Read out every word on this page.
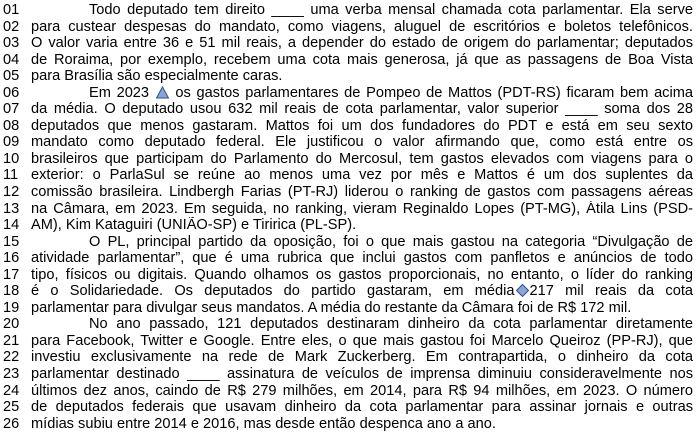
01	Todo deputado tem direito ____ uma verba mensal chamada cota parlamentar. Ela serve
02 para custear despesas do mandato, como viagens, aluguel de escritórios e boletos telefônicos.
03 O valor varia entre 36 e 51 mil reais, a depender do estado de origem do parlamentar; deputados
04 de Roraima, por exemplo, recebem uma cota mais generosa, já que as passagens de Boa Vista
05 para Brasília são especialmente caras.
06	Em 2023  os gastos parlamentares de Pompeo de Mattos (PDT-RS) ficaram bem acima
07 da média. O deputado usou 632 mil reais de cota parlamentar, valor superior ____ soma dos 28
08 deputados que menos gastaram. Mattos foi um dos fundadores do PDT e está em seu sexto
09 mandato como deputado federal. Ele justificou o valor afirmando que, como está entre os
10 brasileiros que participam do Parlamento do Mercosul, tem gastos elevados com viagens para o
11 exterior: o ParlaSul se reúne ao menos uma vez por mês e Mattos é um dos suplentes da
12 comissão brasileira. Lindbergh Farias (PT-RJ) liderou o ranking de gastos com passagens aéreas
13 na Câmara, em 2023. Em seguida, no ranking, vieram Reginaldo Lopes (PT-MG), Átila Lins (PSD-
14 AM), Kim Kataguiri (UNIÃO-SP) e Tiririca (PL-SP).
15	O PL, principal partido da oposição, foi o que mais gastou na categoria “Divulgação de
16 atividade parlamentar”, que é uma rubrica que inclui gastos com panfletos e anúncios de todo
17 tipo, físicos ou digitais. Quando olhamos os gastos proporcionais, no entanto, o líder do ranking
18 é o Solidariedade. Os deputados do partido gastaram, em média 217 mil reais da cota
19 parlamentar para divulgar seus mandatos. A média do restante da Câmara foi de R$ 172 mil.
20	No ano passado, 121 deputados destinaram dinheiro da cota parlamentar diretamente
21 para Facebook, Twitter e Google. Entre eles, o que mais gastou foi Marcelo Queiroz (PP-RJ), que
22 investiu exclusivamente na rede de Mark Zuckerberg. Em contrapartida, o dinheiro da cota
23 parlamentar destinado ____ assinatura de veículos de imprensa diminuiu consideravelmente nos
24 últimos dez anos, caindo de R$ 279 milhões, em 2014, para R$ 94 milhões, em 2023. O número
25 de deputados federais que usavam dinheiro da cota parlamentar para assinar jornais e outras
26 mídias subiu entre 2014 e 2016, mas desde então despenca ano a ano.
